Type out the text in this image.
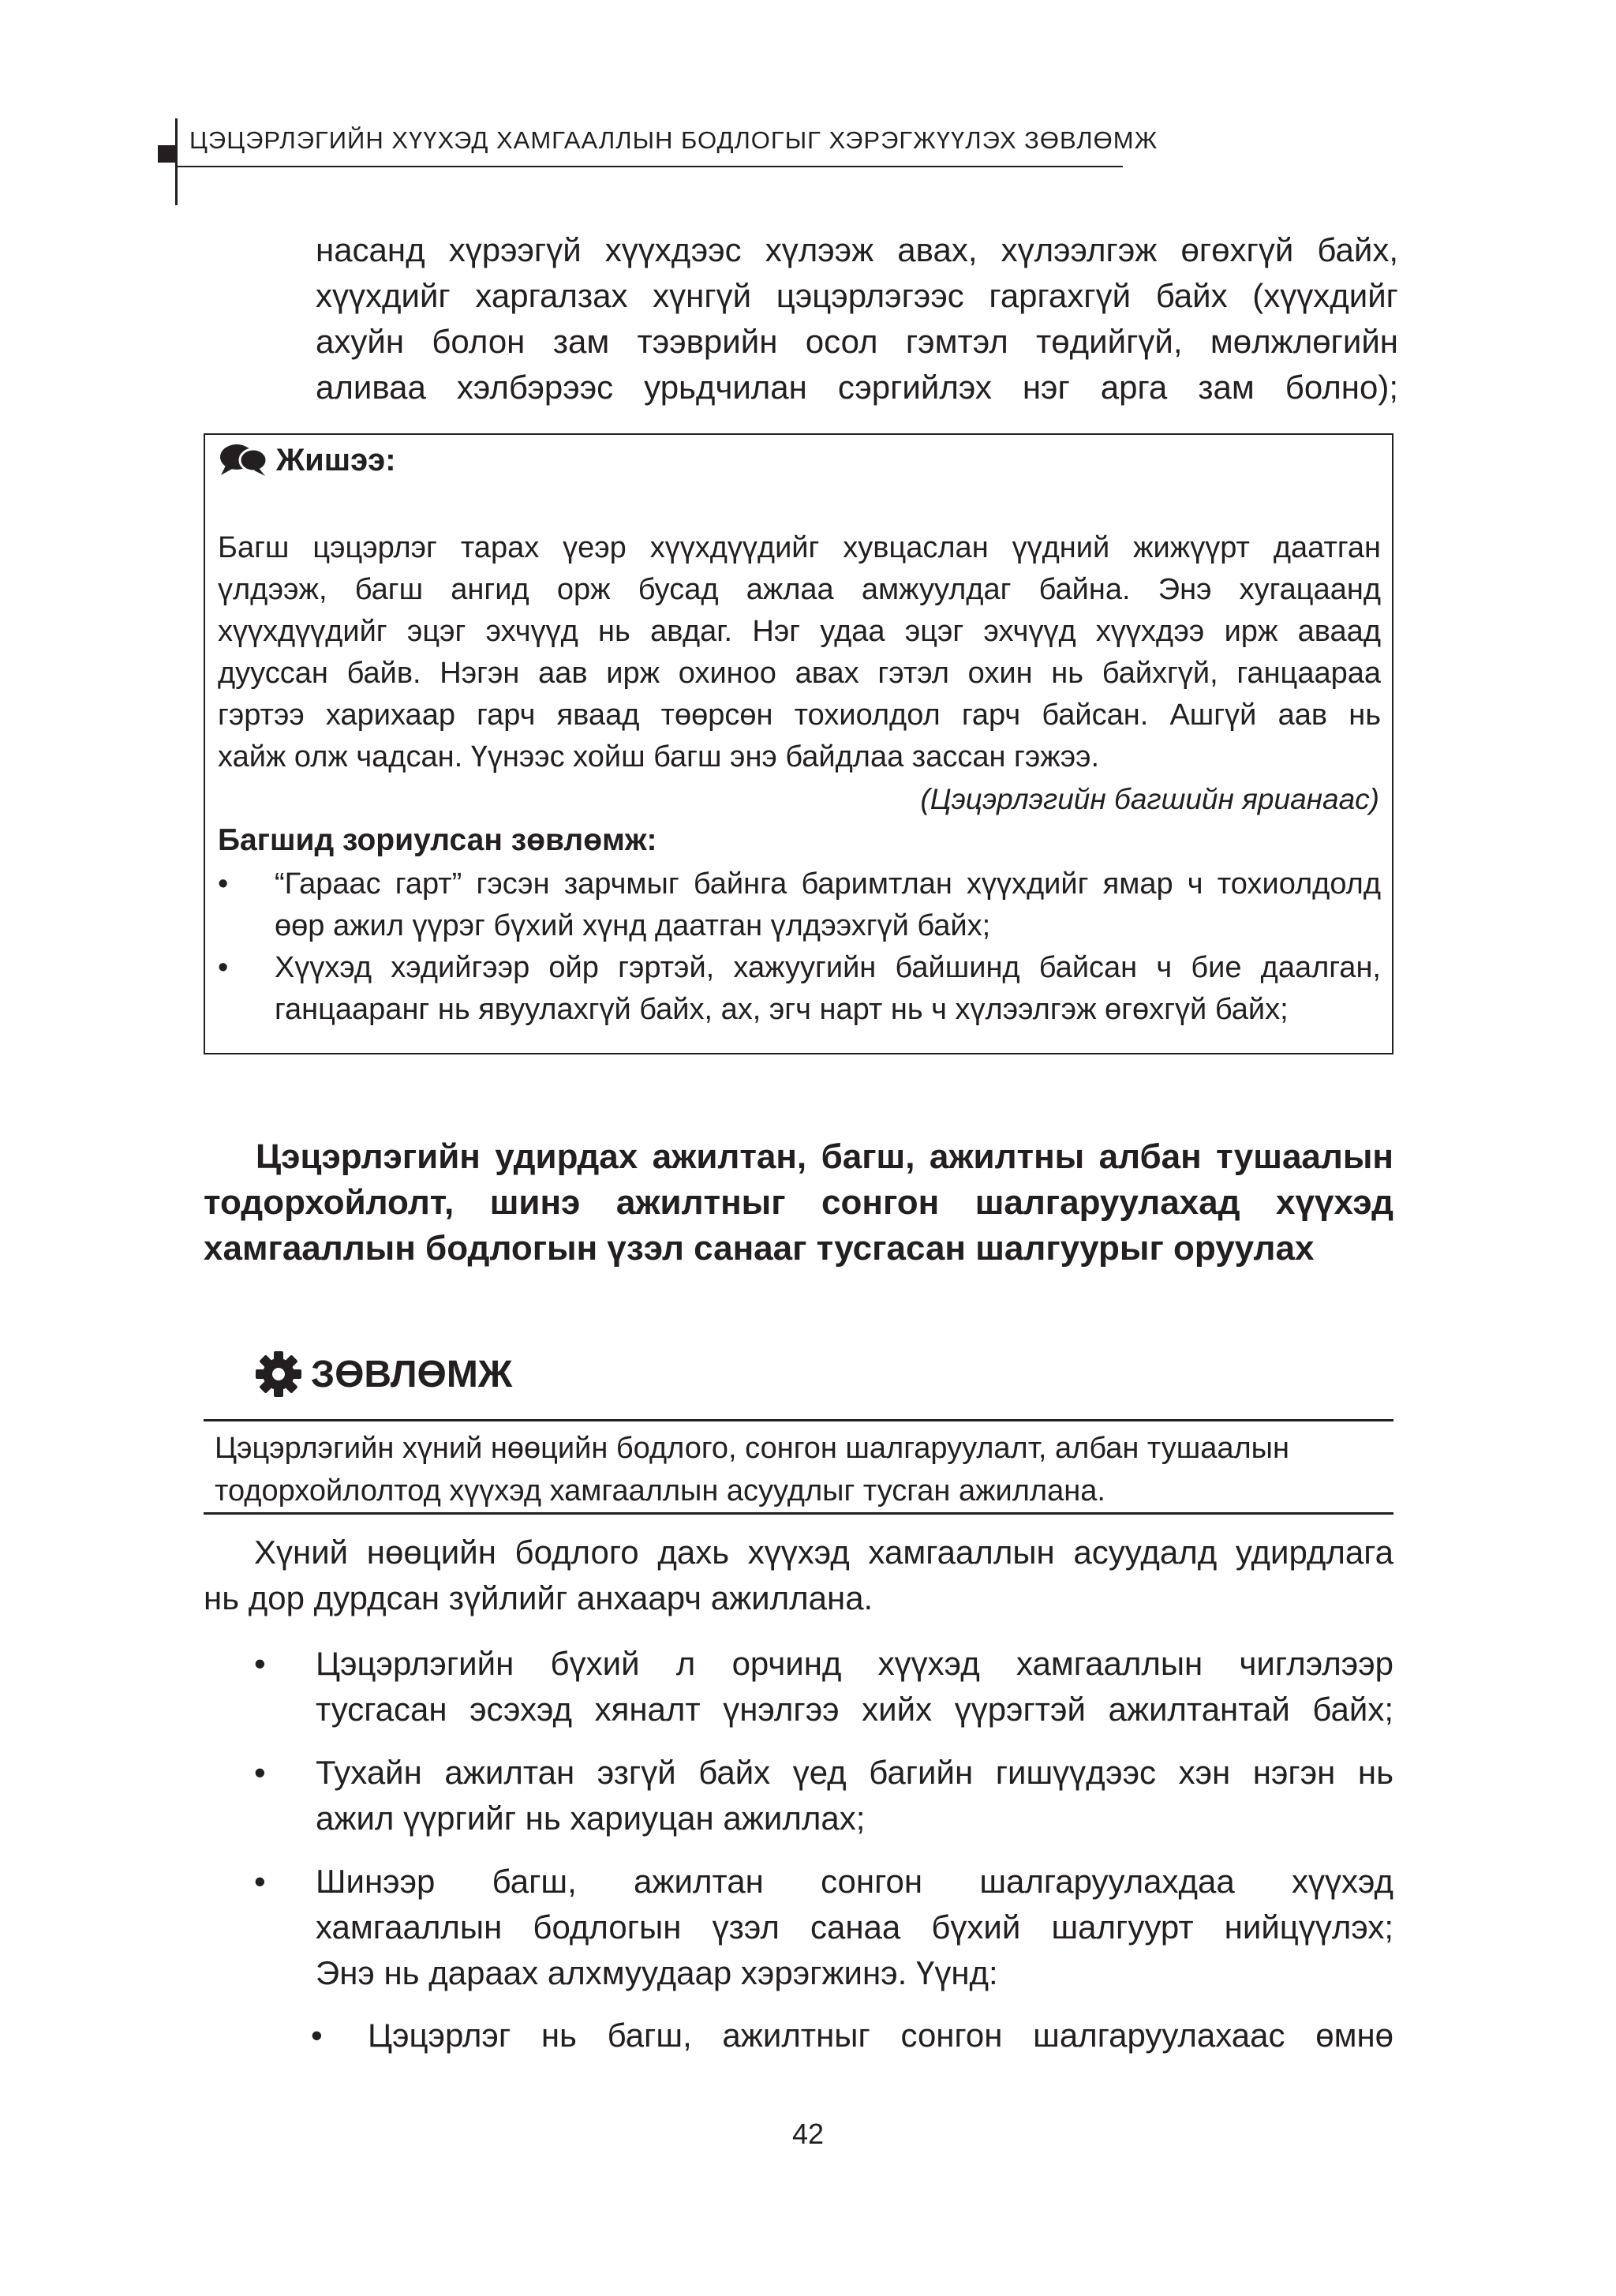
ЦЭЦЭРЛЭГИЙН ХҮҮХЭД ХАМГААЛЛЫН БОДЛОГЫГ ХЭРЭГЖҮҮЛЭХ ЗӨВЛӨМЖ
насанд хүрээгүй хүүхдээс хүлээж авах, хүлээлгэж өгөхгүй байх,
хүүхдийг харгалзах хүнгүй цэцэрлэгээс гаргахгүй байх (хүүхдийг
ахуйн болон зам тээврийн осол гэмтэл төдийгүй, мөлжлөгийн
аливаа хэлбэрээс урьдчилан сэргийлэх нэг арга зам болно);
Жишээ:
Багш цэцэрлэг тарах үеэр хүүхдүүдийг хувцаслан үүдний жижүүрт даатган
үлдээж, багш ангид орж бусад ажлаа амжуулдаг байна. Энэ хугацаанд
хүүхдүүдийг эцэг эхчүүд нь авдаг. Нэг удаа эцэг эхчүүд хүүхдээ ирж аваад
дууссан байв. Нэгэн аав ирж охиноо авах гэтэл охин нь байхгүй, ганцаараа
гэртээ харихаар гарч яваад төөрсөн тохиолдол гарч байсан. Ашгүй аав нь
хайж олж чадсан. Үүнээс хойш багш энэ байдлаа зассан гэжээ.
(Цэцэрлэгийн багшийн ярианаас)
Багшид зориулсан зөвлөмж:
• “Гараас гарт” гэсэн зарчмыг байнга баримтлан хүүхдийг ямар ч тохиолдолд
өөр ажил үүрэг бүхий хүнд даатган үлдээхгүй байх;
• Хүүхэд хэдийгээр ойр гэртэй, хажуугийн байшинд байсан ч бие даалган,
ганцааранг нь явуулахгүй байх, ах, эгч нарт нь ч хүлээлгэж өгөхгүй байх;
Цэцэрлэгийн удирдах ажилтан, багш, ажилтны албан тушаалын
тодорхойлолт, шинэ ажилтныг сонгон шалгаруулахад хүүхэд
хамгааллын бодлогын үзэл санааг тусгасан шалгуурыг оруулах
ЗӨВЛӨМЖ
Цэцэрлэгийн хүний нөөцийн бодлого, сонгон шалгаруулалт, албан тушаалын
тодорхойлолтод хүүхэд хамгааллын асуудлыг тусган ажиллана.
Хүний нөөцийн бодлого дахь хүүхэд хамгааллын асуудалд удирдлага
нь дор дурдсан зүйлийг анхаарч ажиллана.
• Цэцэрлэгийн бүхий л орчинд хүүхэд хамгааллын чиглэлээр
тусгасан эсэхэд хяналт үнэлгээ хийх үүрэгтэй ажилтантай байх;
• Тухайн ажилтан эзгүй байх үед багийн гишүүдээс хэн нэгэн нь
ажил үүргийг нь хариуцан ажиллах;
• Шинээр багш, ажилтан сонгон шалгаруулахдаа хүүхэд
хамгааллын бодлогын үзэл санаа бүхий шалгуурт нийцүүлэх;
Энэ нь дараах алхмуудаар хэрэгжинэ. Үүнд:
• Цэцэрлэг нь багш, ажилтныг сонгон шалгаруулахаас өмнө
42
